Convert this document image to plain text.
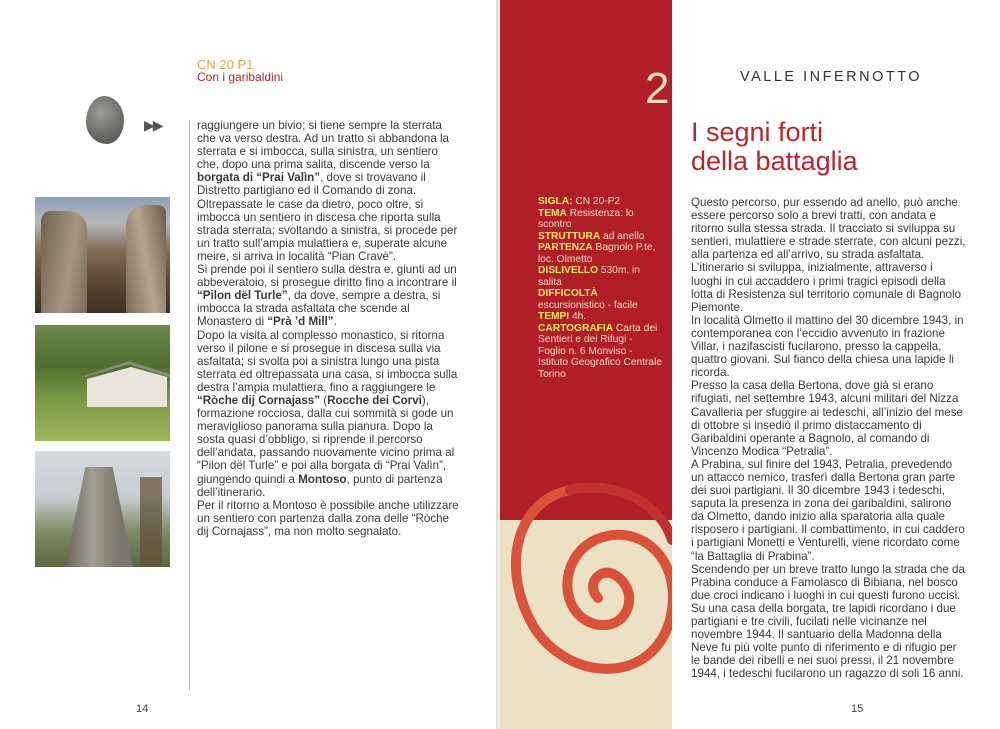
CN 20 P1
Con i garibaldini
▶▶	raggiungere un bivio; si tiene sempre la sterrata che va verso destra. Ad un tratto si abbandona la sterrata e si imbocca, sulla sinistra, un sentiero che, dopo una prima salita, discende verso la borgata di “Prai Valìn”, dove si trovavano il Distretto partigiano ed il Comando di zona. Oltrepassate le case da dietro, poco oltre, si imbocca un sentiero in discesa che riporta sulla strada sterrata; svoltando a sinistra, si procede per un tratto sull’ampia mulattiera e, superate alcune meire, si arriva in località “Pian Cravè”.
Si prende poi il sentiero sulla destra e, giunti ad un abbeveratoio, si prosegue diritto fino a incontrare il “Pilon dël Turle”, da dove, sempre a destra, si imbocca la strada asfaltata che scende al Monastero di “Prà ’d Mill”.
Dopo la visita al complesso monastico, si ritorna verso il pilone e si prosegue in discesa sulla via asfaltata; si svolta poi a sinistra lungo una pista sterrata ed oltrepassata una casa, si imbocca sulla destra l’ampia mulattiera, fino a raggiungere le “Ròche dij Cornajass” (Rocche dei Corvi), formazione rocciosa, dalla cui sommità si gode un meraviglioso panorama sulla pianura. Dopo la sosta quasi d’obbligo, si riprende il percorso dell’andata, passando nuovamente vicino prima al “Pilon dël Turle” e poi alla borgata di “Prai Valìn”, giungendo quindi a Montoso, punto di partenza dell’itinerario.
Per il ritorno a Montoso è possibile anche utilizzare un sentiero con partenza dalla zona delle “Ròche dij Cornajass”, ma non molto segnalato.
14
2
SIGLA: CN 20-P2
TEMA Resistenza: lo scontro
STRUTTURA ad anello
PARTENZA Bagnolo P.te, loc. Olmetto
DISLIVELLO 530m. in salita
DIFFICOLTÀ escursionistico - facile
TEMPI 4h.
CARTOGRAFIA Carta dei Sentieri e dei Rifugi - Foglio n. 6 Monviso - Istituto Geografico Centrale Torino
VALLE INFERNOTTO
I segni forti
della battaglia
Questo percorso, pur essendo ad anello, può anche essere percorso solo a brevi tratti, con andata e ritorno sulla stessa strada. Il tracciato si sviluppa su sentieri, mulattiere e strade sterrate, con alcuni pezzi, alla partenza ed all’arrivo, su strada asfaltata.
L’itinerario si sviluppa, inizialmente, attraverso i luoghi in cui accaddero i primi tragici episodi della lotta di Resistenza sul territorio comunale di Bagnolo Piemonte.
In località Olmetto il mattino del 30 dicembre 1943, in contemporanea con l’eccidio avvenuto in frazione Villar, i nazifascisti fucilarono, presso la cappella, quattro giovani. Sul fianco della chiesa una lapide li ricorda.
Presso la casa della Bertona, dove già si erano rifugiati, nel settembre 1943, alcuni militari del Nizza Cavalleria per sfuggire ai tedeschi, all’inizio del mese di ottobre si insediò il primo distaccamento di Garibaldini operante a Bagnolo, al comando di Vincenzo Modica “Petralia”.
A Prabina, sul finire del 1943, Petralia, prevedendo un attacco nemico, trasferì dalla Bertona gran parte dei suoi partigiani. Il 30 dicembre 1943 i tedeschi, saputa la presenza in zona dei garibaldini, salirono da Olmetto, dando inizio alla sparatoria alla quale risposero i partigiani. Il combattimento, in cui caddero i partigiani Monetti e Venturelli, viene ricordato come “la Battaglia di Prabina”.
Scendendo per un breve tratto lungo la strada che da Prabina conduce a Famolasco di Bibiana, nel bosco due croci indicano i luoghi in cui questi furono uccisi. Su una casa della borgata, tre lapidi ricordano i due partigiani e tre civili, fucilati nelle vicinanze nel novembre 1944. Il santuario della Madonna della Neve fu più volte punto di riferimento e di rifugio per le bande dei ribelli e nei suoi pressi, il 21 novembre 1944, i tedeschi fucilarono un ragazzo di soli 16 anni.
15
